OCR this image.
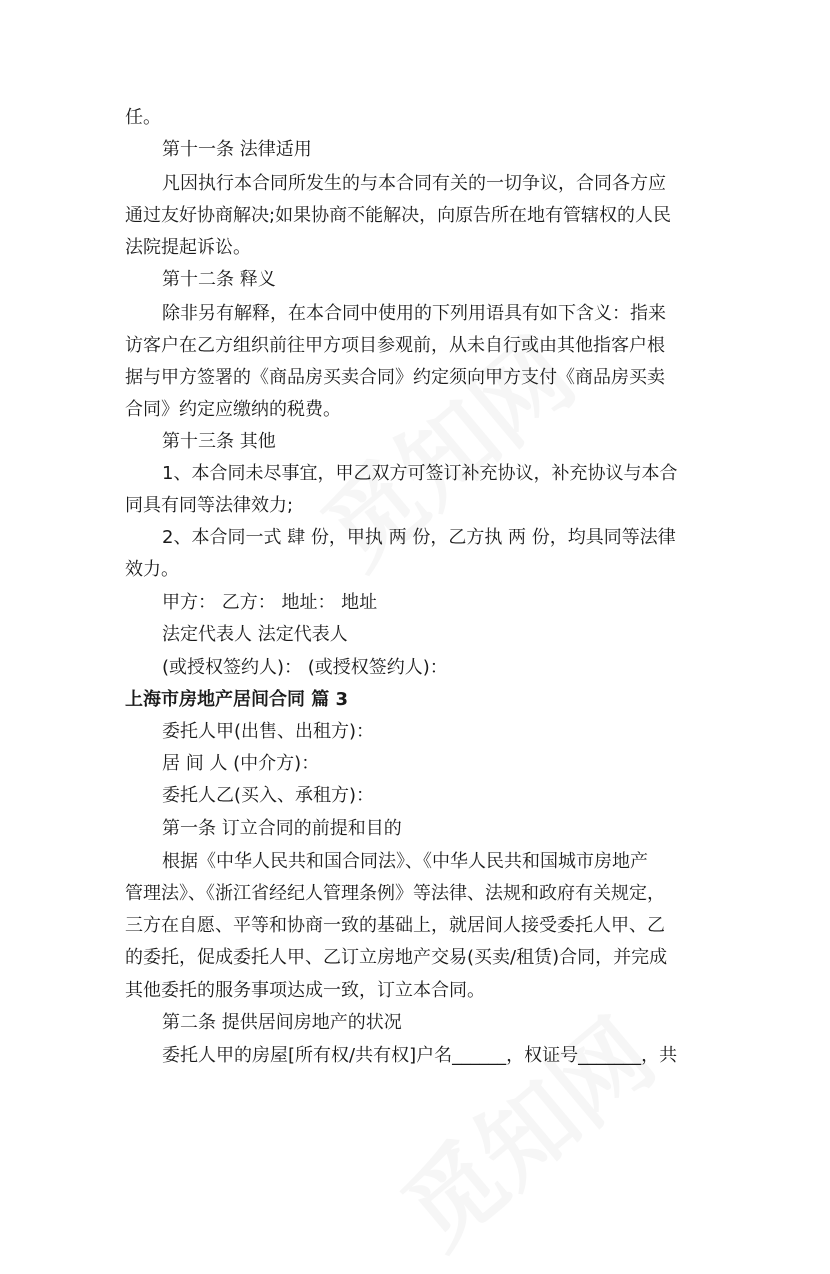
任。
第十一条 法律适用
凡因执行本合同所发生的与本合同有关的一切争议，合同各方应
通过友好协商解决;如果协商不能解决，向原告所在地有管辖权的人民
法院提起诉讼。
第十二条 释义
除非另有解释，在本合同中使用的下列用语具有如下含义：指来
访客户在乙方组织前往甲方项目参观前，从未自行或由其他指客户根
据与甲方签署的《商品房买卖合同》约定须向甲方支付《商品房买卖
合同》约定应缴纳的税费。
第十三条 其他
1、本合同未尽事宜，甲乙双方可签订补充协议，补充协议与本合
同具有同等法律效力;
2、本合同一式 肆 份，甲执 两 份，乙方执 两 份，均具同等法律
效力。
甲方： 乙方： 地址： 地址
法定代表人 法定代表人
(或授权签约人)： (或授权签约人)：
上海市房地产居间合同 篇 3
委托人甲(出售、出租方)：
居 间 人 (中介方)：
委托人乙(买入、承租方)：
第一条 订立合同的前提和目的
根据《中华人民共和国合同法》、《中华人民共和国城市房地产
管理法》、《浙江省经纪人管理条例》等法律、法规和政府有关规定，
三方在自愿、平等和协商一致的基础上，就居间人接受委托人甲、乙
的委托，促成委托人甲、乙订立房地产交易(买卖/租赁)合同，并完成
其他委托的服务事项达成一致，订立本合同。
第二条 提供居间房地产的状况
委托人甲的房屋[所有权/共有权]户名______，权证号_______，共
